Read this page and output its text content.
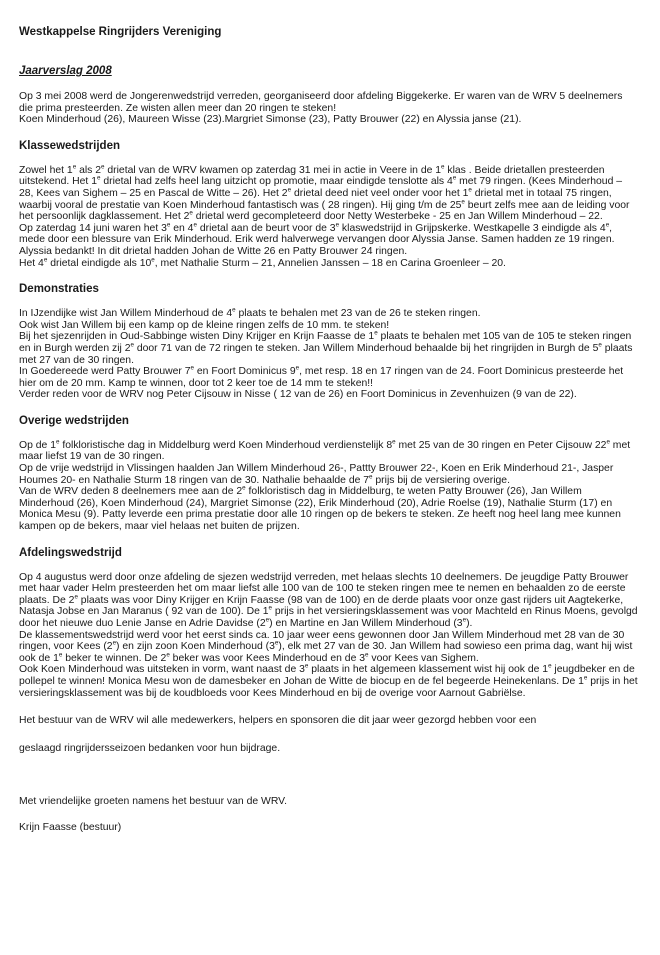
Westkappelse Ringrijders Vereniging
Jaarverslag 2008

Op 3 mei 2008 werd de Jongerenwedstrijd verreden, georganiseerd door afdeling Biggekerke. Er waren van de WRV 5 deelnemers die prima presteerden. Ze wisten allen meer dan 20 ringen te steken!
Koen Minderhoud (26), Maureen Wisse (23).Margriet Simonse (23), Patty Brouwer (22) en Alyssia janse (21).

Klassewedstrijden

Zowel het 1e als 2e drietal van de WRV kwamen op zaterdag 31 mei in actie in Veere in de 1e klas . Beide drietallen presteerden uitstekend. Het 1e drietal had zelfs heel lang uitzicht op promotie, maar eindigde tenslotte als 4e met 79 ringen. (Kees Minderhoud – 28, Kees van Sighem – 25 en Pascal de Witte – 26). Het 2e drietal deed niet veel onder voor het 1e drietal met in totaal 75 ringen, waarbij vooral de prestatie van Koen Minderhoud fantastisch was ( 28 ringen). Hij ging t/m de 25e beurt zelfs mee aan de leiding voor het persoonlijk dagklassement. Het 2e drietal werd gecompleteerd door Netty Westerbeke - 25 en Jan Willem Minderhoud – 22.
Op zaterdag 14 juni waren het 3e en 4e drietal aan de beurt voor de 3e klaswedstrijd in Grijpskerke. Westkapelle 3 eindigde als 4e, mede door een blessure van Erik Minderhoud. Erik werd halverwege vervangen door Alyssia Janse. Samen hadden ze 19 ringen. Alyssia bedankt! In dit drietal hadden Johan de Witte 26 en Patty Brouwer 24 ringen.
Het 4e drietal eindigde als 10e, met Nathalie Sturm – 21, Annelien Janssen – 18 en Carina Groenleer – 20.

Demonstraties

In IJzendijke wist Jan Willem Minderhoud de 4e plaats te behalen met 23 van de 26 te steken ringen.
Ook wist Jan Willem bij een kamp op de kleine ringen zelfs de 10 mm. te steken!
Bij het sjezenrijden in Oud-Sabbinge wisten Diny Krijger en Krijn Faasse de 1e plaats te behalen met 105 van de 105 te steken ringen en in Burgh werden zij 2e door 71 van de 72 ringen te steken. Jan Willem Minderhoud behaalde bij het ringrijden in Burgh de 5e plaats met 27 van de 30 ringen.
In Goedereede werd Patty Brouwer 7e en Foort Dominicus 9e, met resp. 18 en 17 ringen van de 24. Foort Dominicus presteerde het hier om de 20 mm. Kamp te winnen, door tot 2 keer toe de 14 mm te steken!!
Verder reden voor de WRV nog Peter Cijsouw in Nisse ( 12 van de 26) en Foort Dominicus in Zevenhuizen (9 van de 22).

Overige wedstrijden

Op de 1e folkloristische dag in Middelburg werd Koen Minderhoud verdienstelijk 8e met 25 van de 30 ringen en Peter Cijsouw 22e met maar liefst 19 van de 30 ringen.
Op de vrije wedstrijd in Vlissingen haalden Jan Willem Minderhoud 26-, Pattty Brouwer 22-, Koen en Erik Minderhoud 21-, Jasper Houmes 20- en Nathalie Sturm 18 ringen van de 30. Nathalie behaalde de 7e prijs bij de versiering overige.
Van de WRV deden 8 deelnemers mee aan de 2e folkloristisch dag in Middelburg, te weten Patty Brouwer (26), Jan Willem Minderhoud (26), Koen Minderhoud (24), Margriet Simonse (22), Erik Minderhoud (20), Adrie Roelse (19), Nathalie Sturm (17) en Monica Mesu (9). Patty leverde een prima prestatie door alle 10 ringen op de bekers te steken. Ze heeft nog heel lang mee kunnen kampen op de bekers, maar viel helaas net buiten de prijzen.

Afdelingswedstrijd

Op 4 augustus werd door onze afdeling de sjezen wedstrijd verreden, met helaas slechts 10 deelnemers. De jeugdige Patty Brouwer met haar vader Helm presteerden het om maar liefst alle 100 van de 100 te steken ringen mee te nemen en behaalden zo de eerste plaats. De 2e plaats was voor Diny Krijger en Krijn Faasse (98 van de 100) en de derde plaats voor onze gast rijders uit Aagtekerke, Natasja Jobse en Jan Maranus ( 92 van de 100). De 1e prijs in het versieringsklassement was voor Machteld en Rinus Moens, gevolgd door het nieuwe duo Lenie Janse en Adrie Davidse (2e) en Martine en Jan Willem Minderhoud (3e).
De klassementswedstrijd werd voor het eerst sinds ca. 10 jaar weer eens gewonnen door Jan Willem Minderhoud met 28 van de 30 ringen, voor Kees (2e) en zijn zoon Koen Minderhoud (3e), elk met 27 van de 30. Jan Willem had sowieso een prima dag, want hij wist ook de 1e beker te winnen. De 2e beker was voor Kees Minderhoud en de 3e voor Kees van Sighem.
Ook Koen Minderhoud was uitsteken in vorm, want naast de 3e plaats in het algemeen klassement wist hij ook de 1e jeugdbeker en de pollepel te winnen! Monica Mesu won de damesbeker en Johan de Witte de biocup en de fel begeerde Heinekenlans. De 1e prijs in het versieringsklassement was bij de koudbloeds voor Kees Minderhoud en bij de overige voor Aarnout Gabriëlse.

Het bestuur van de WRV wil alle medewerkers, helpers en sponsoren die dit jaar weer gezorgd hebben voor een

geslaagd ringrijdersseizoen bedanken voor hun bijdrage.

Met vriendelijke groeten namens het bestuur van de WRV.

Krijn Faasse (bestuur)
